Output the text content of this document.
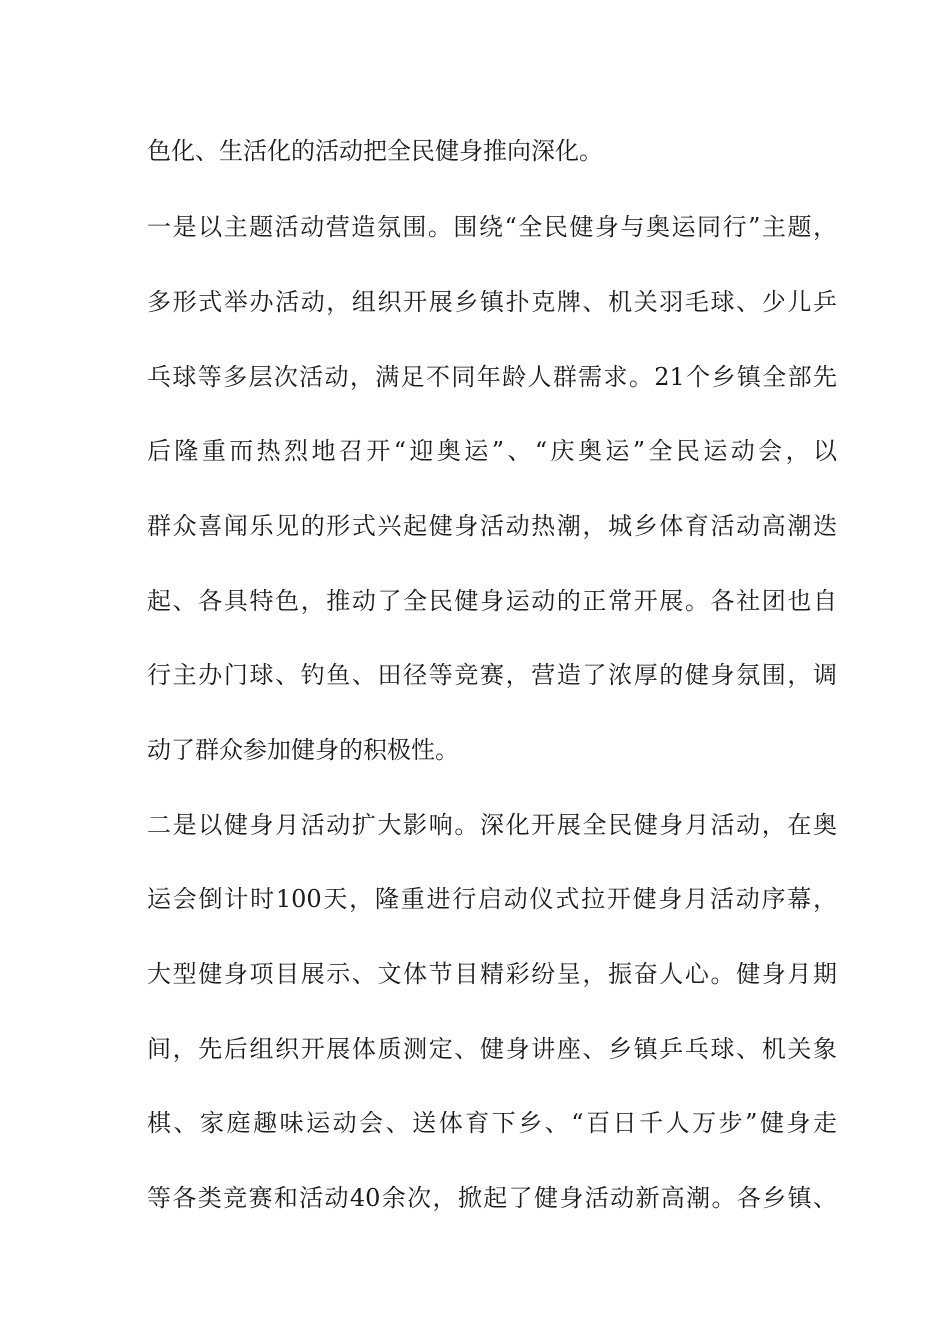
色化、生活化的活动把全民健身推向深化。
一是以主题活动营造氛围。围绕“全民健身与奥运同行”主题，
多形式举办活动，组织开展乡镇扑克牌、机关羽毛球、少儿乒
乓球等多层次活动，满足不同年龄人群需求。21个乡镇全部先
后隆重而热烈地召开“迎奥运”、“庆奥运”全民运动会，以
群众喜闻乐见的形式兴起健身活动热潮，城乡体育活动高潮迭
起、各具特色，推动了全民健身运动的正常开展。各社团也自
行主办门球、钓鱼、田径等竞赛，营造了浓厚的健身氛围，调
动了群众参加健身的积极性。
二是以健身月活动扩大影响。深化开展全民健身月活动，在奥
运会倒计时100天，隆重进行启动仪式拉开健身月活动序幕，
大型健身项目展示、文体节目精彩纷呈，振奋人心。健身月期
间，先后组织开展体质测定、健身讲座、乡镇乒乓球、机关象
棋、家庭趣味运动会、送体育下乡、“百日千人万步”健身走
等各类竞赛和活动40余次，掀起了健身活动新高潮。各乡镇、
